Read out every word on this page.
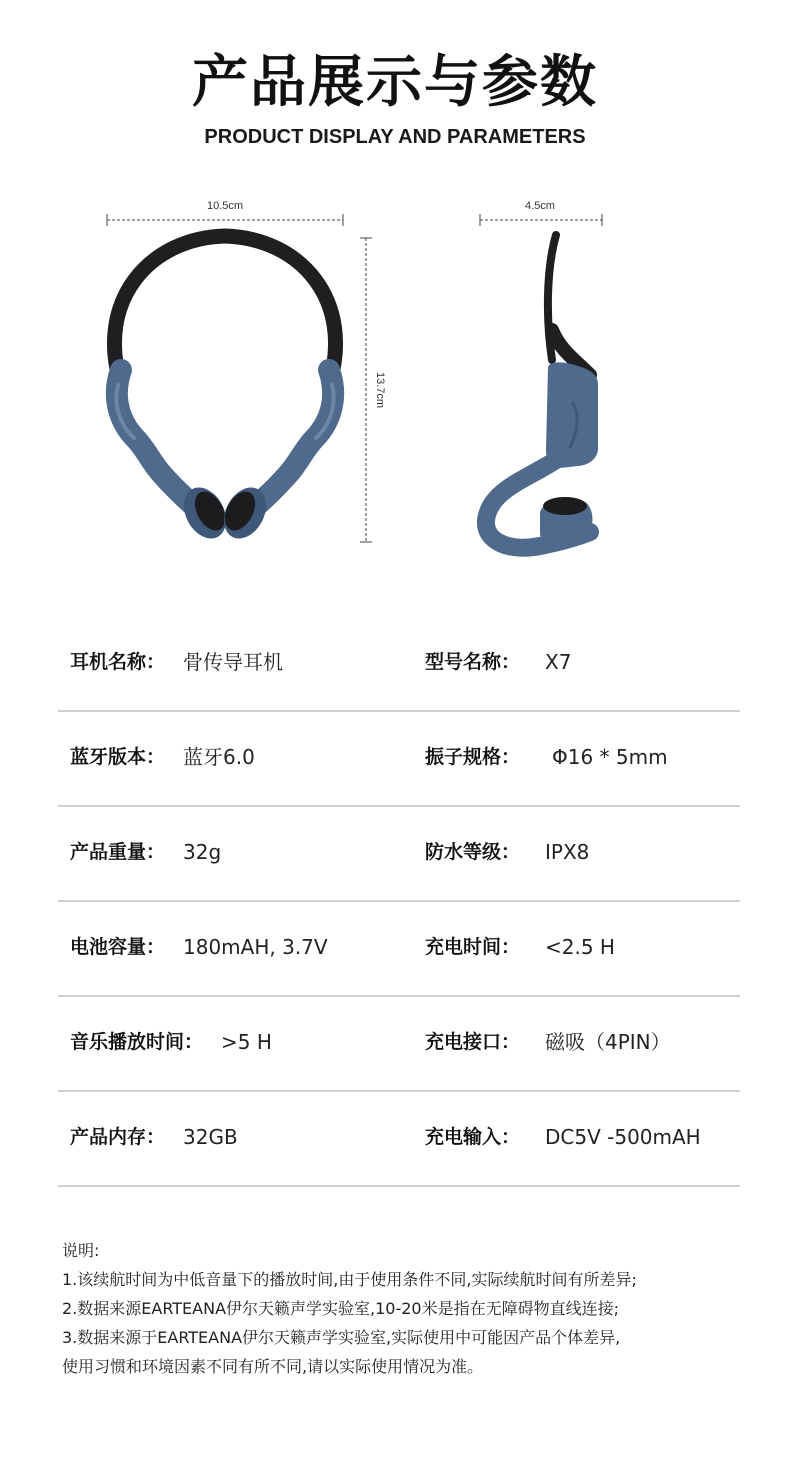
产品展示与参数
PRODUCT DISPLAY AND PARAMETERS
10.5cm
13.7cm
4.5cm
耳机名称： 骨传导耳机	型号名称： X7
蓝牙版本： 蓝牙6.0	振子规格： Φ16 * 5mm
产品重量： 32g	防水等级： IPX8
电池容量： 180mAH, 3.7V	充电时间： <2.5 H
音乐播放时间： >5 H	充电接口： 磁吸（4PIN）
产品内存： 32GB	充电输入： DC5V -500mAH
说明:
1.该续航时间为中低音量下的播放时间,由于使用条件不同,实际续航时间有所差异;
2.数据来源EARTEANA伊尔天籁声学实验室,10-20米是指在无障碍物直线连接;
3.数据来源于EARTEANA伊尔天籁声学实验室,实际使用中可能因产品个体差异,
使用习惯和环境因素不同有所不同,请以实际使用情况为准。
